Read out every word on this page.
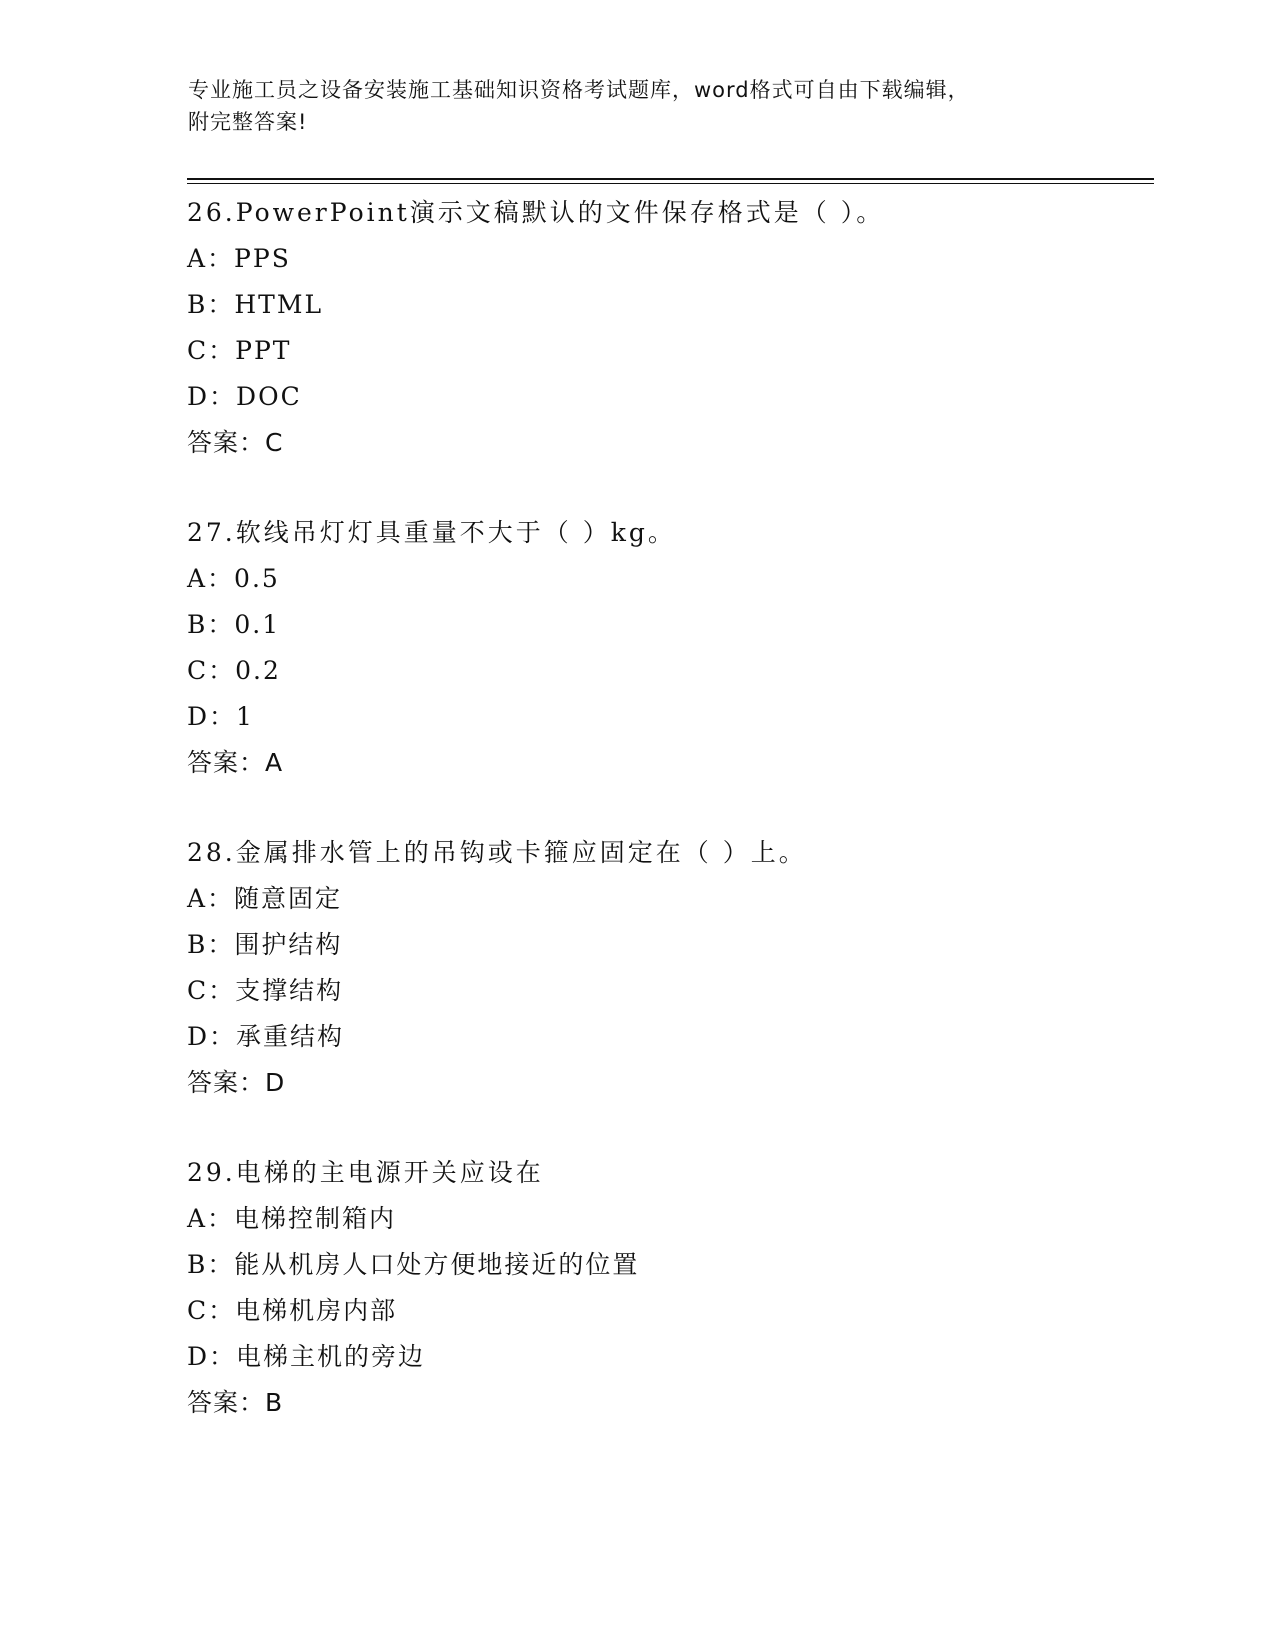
专业施工员之设备安装施工基础知识资格考试题库，word格式可自由下载编辑，
附完整答案!
26.PowerPoint演示文稿默认的文件保存格式是（ ）。
A：PPS
B：HTML
C：PPT
D：DOC
答案：C
27.软线吊灯灯具重量不大于（ ）kg。
A：0.5
B：0.1
C：0.2
D：1
答案：A
28.金属排水管上的吊钩或卡箍应固定在（ ）上。
A：随意固定
B：围护结构
C：支撑结构
D：承重结构
答案：D
29.电梯的主电源开关应设在
A：电梯控制箱内
B：能从机房人口处方便地接近的位置
C：电梯机房内部
D：电梯主机的旁边
答案：B
